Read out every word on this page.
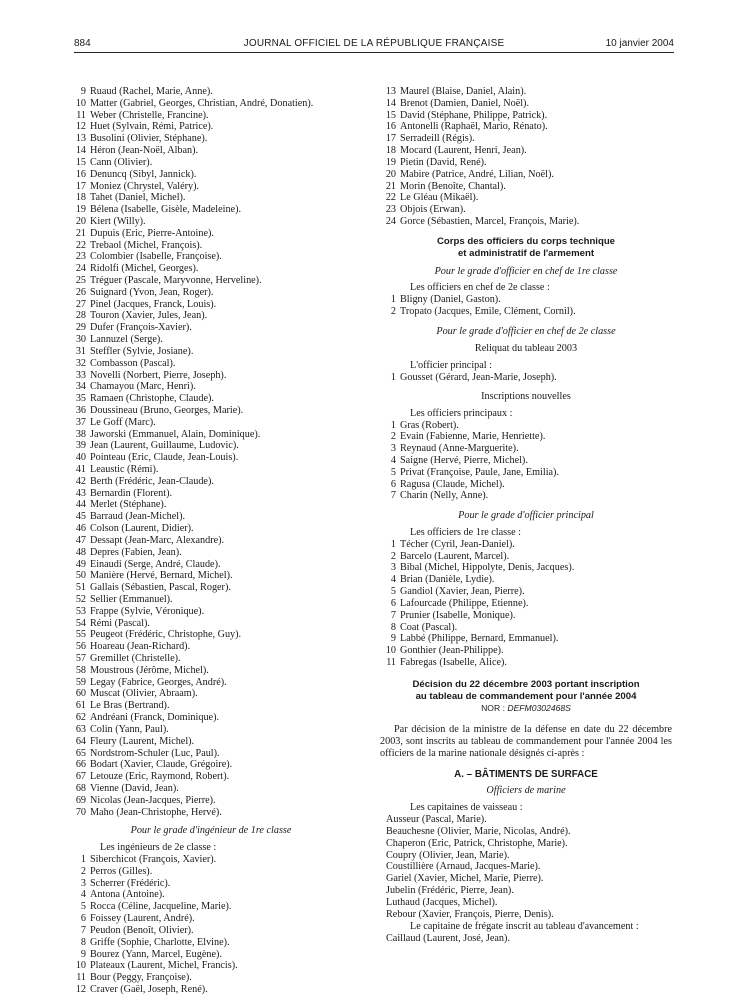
884	JOURNAL OFFICIEL DE LA RÉPUBLIQUE FRANÇAISE	10 janvier 2004
9 Ruaud (Rachel, Marie, Anne).
10 Matter (Gabriel, Georges, Christian, André, Donatien).
11 Weber (Christelle, Francine).
12 Huet (Sylvain, Rémi, Patrice).
13 Busolini (Olivier, Stéphane).
14 Héron (Jean-Noël, Alban).
15 Cann (Olivier).
16 Denuncq (Sibyl, Jannick).
17 Moniez (Chrystel, Valéry).
18 Tahet (Daniel, Michel).
19 Bélena (Isabelle, Gisèle, Madeleine).
20 Kiert (Willy).
21 Dupuis (Eric, Pierre-Antoine).
22 Trebaol (Michel, François).
23 Colombier (Isabelle, Françoise).
24 Ridolfi (Michel, Georges).
25 Tréguer (Pascale, Maryvonne, Herveline).
26 Suignard (Yvon, Jean, Roger).
27 Pinel (Jacques, Franck, Louis).
28 Touron (Xavier, Jules, Jean).
29 Dufer (François-Xavier).
30 Lannuzel (Serge).
31 Steffler (Sylvie, Josiane).
32 Combasson (Pascal).
33 Novelli (Norbert, Pierre, Joseph).
34 Chamayou (Marc, Henri).
35 Ramaen (Christophe, Claude).
36 Doussineau (Bruno, Georges, Marie).
37 Le Goff (Marc).
38 Jaworski (Emmanuel, Alain, Dominique).
39 Jean (Laurent, Guillaume, Ludovic).
40 Pointeau (Eric, Claude, Jean-Louis).
41 Leaustic (Rémi).
42 Berth (Frédéric, Jean-Claude).
43 Bernardin (Florent).
44 Merlet (Stéphane).
45 Barraud (Jean-Michel).
46 Colson (Laurent, Didier).
47 Dessapt (Jean-Marc, Alexandre).
48 Depres (Fabien, Jean).
49 Einaudi (Serge, André, Claude).
50 Manière (Hervé, Bernard, Michel).
51 Gallais (Sébastien, Pascal, Roger).
52 Sellier (Emmanuel).
53 Frappe (Sylvie, Véronique).
54 Rémi (Pascal).
55 Peugeot (Frédéric, Christophe, Guy).
56 Hoareau (Jean-Richard).
57 Gremillet (Christelle).
58 Moustrous (Jérôme, Michel).
59 Legay (Fabrice, Georges, André).
60 Muscat (Olivier, Abraam).
61 Le Bras (Bertrand).
62 Andréani (Franck, Dominique).
63 Colin (Yann, Paul).
64 Fleury (Laurent, Michel).
65 Nordstrom-Schuler (Luc, Paul).
66 Bodart (Xavier, Claude, Grégoire).
67 Letouze (Eric, Raymond, Robert).
68 Vienne (David, Jean).
69 Nicolas (Jean-Jacques, Pierre).
70 Maho (Jean-Christophe, Hervé).
Pour le grade d'ingénieur de 1re classe
Les ingénieurs de 2e classe :
1 Siberchicot (François, Xavier).
2 Perros (Gilles).
3 Scherrer (Frédéric).
4 Antona (Antoine).
5 Rocca (Céline, Jacqueline, Marie).
6 Foissey (Laurent, André).
7 Peudon (Benoît, Olivier).
8 Griffe (Sophie, Charlotte, Elvine).
9 Bourez (Yann, Marcel, Eugène).
10 Plateaux (Laurent, Michel, Francis).
11 Bour (Peggy, Françoise).
12 Craver (Gaël, Joseph, René).
13 Maurel (Blaise, Daniel, Alain).
14 Brenot (Damien, Daniel, Noël).
15 David (Stéphane, Philippe, Patrick).
16 Antonelli (Raphaël, Mario, Rénato).
17 Serradeill (Régis).
18 Mocard (Laurent, Henri, Jean).
19 Pietin (David, René).
20 Mabire (Patrice, André, Lilian, Noël).
21 Morin (Benoîte, Chantal).
22 Le Gléau (Mikaël).
23 Objois (Erwan).
24 Gorce (Sébastien, Marcel, François, Marie).
Corps des officiers du corps technique
et administratif de l'armement
Pour le grade d'officier en chef de 1re classe
Les officiers en chef de 2e classe :
1 Bligny (Daniel, Gaston).
2 Tropato (Jacques, Emile, Clément, Cornil).
Pour le grade d'officier en chef de 2e classe
Reliquat du tableau 2003
L'officier principal :
1 Gousset (Gérard, Jean-Marie, Joseph).
Inscriptions nouvelles
Les officiers principaux :
1 Gras (Robert).
2 Evain (Fabienne, Marie, Henriette).
3 Reynaud (Anne-Marguerite).
4 Saigne (Hervé, Pierre, Michel).
5 Privat (Françoise, Paule, Jane, Emilia).
6 Ragusa (Claude, Michel).
7 Charin (Nelly, Anne).
Pour le grade d'officier principal
Les officiers de 1re classe :
1 Técher (Cyril, Jean-Daniel).
2 Barcelo (Laurent, Marcel).
3 Bibal (Michel, Hippolyte, Denis, Jacques).
4 Brian (Danièle, Lydie).
5 Gandiol (Xavier, Jean, Pierre).
6 Lafourcade (Philippe, Etienne).
7 Prunier (Isabelle, Monique).
8 Coat (Pascal).
9 Labbé (Philippe, Bernard, Emmanuel).
10 Gonthier (Jean-Philippe).
11 Fabregas (Isabelle, Alice).
Décision du 22 décembre 2003 portant inscription
au tableau de commandement pour l'année 2004
NOR : DEFM0302468S
Par décision de la ministre de la défense en date du 22 décembre 2003, sont inscrits au tableau de commandement pour l'année 2004 les officiers de la marine nationale désignés ci-après :
A. – BÂTIMENTS DE SURFACE
Officiers de marine
Les capitaines de vaisseau :
Ausseur (Pascal, Marie).
Beauchesne (Olivier, Marie, Nicolas, André).
Chaperon (Eric, Patrick, Christophe, Marie).
Coupry (Olivier, Jean, Marie).
Coustillière (Arnaud, Jacques-Marie).
Gariel (Xavier, Michel, Marie, Pierre).
Jubelin (Frédéric, Pierre, Jean).
Luthaud (Jacques, Michel).
Rebour (Xavier, François, Pierre, Denis).
Le capitaine de frégate inscrit au tableau d'avancement :
Caillaud (Laurent, José, Jean).
